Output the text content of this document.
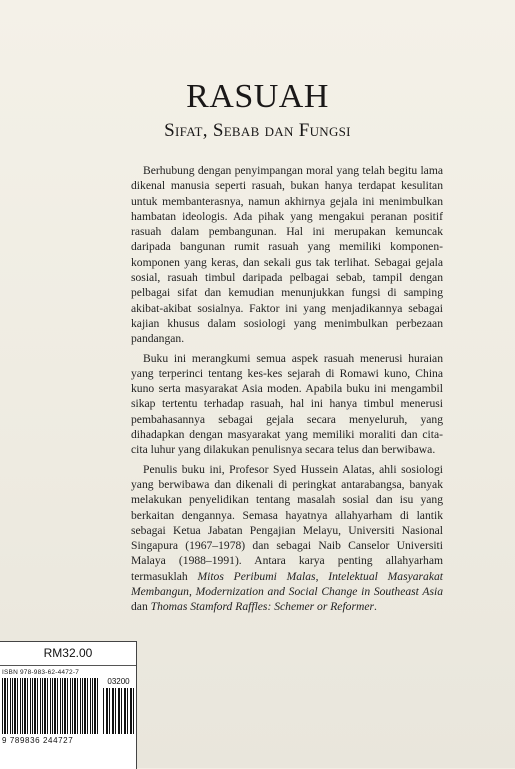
RASUAH
Sifat, Sebab dan Fungsi

Berhubung dengan penyimpangan moral yang telah begitu lama dikenal manusia seperti rasuah, bukan hanya terdapat kesulitan untuk membanterasnya, namun akhirnya gejala ini menimbulkan hambatan ideologis. Ada pihak yang mengakui peranan positif rasuah dalam pembangunan. Hal ini merupakan kemuncak daripada bangunan rumit rasuah yang memiliki komponen-komponen yang keras, dan sekali gus tak terlihat. Sebagai gejala sosial, rasuah timbul daripada pelbagai sebab, tampil dengan pelbagai sifat dan kemudian menunjukkan fungsi di samping akibat-akibat sosialnya. Faktor ini yang menjadikannya sebagai kajian khusus dalam sosiologi yang menimbulkan perbezaan pandangan.

Buku ini merangkumi semua aspek rasuah menerusi huraian yang terperinci tentang kes-kes sejarah di Romawi kuno, China kuno serta masyarakat Asia moden. Apabila buku ini mengambil sikap tertentu terhadap rasuah, hal ini hanya timbul menerusi pembahasannya sebagai gejala secara menyeluruh, yang dihadapkan dengan masyarakat yang memiliki moraliti dan cita-cita luhur yang dilakukan penulisnya secara telus dan berwibawa.

Penulis buku ini, Profesor Syed Hussein Alatas, ahli sosiologi yang berwibawa dan dikenali di peringkat antarabangsa, banyak melakukan penyelidikan tentang masalah sosial dan isu yang berkaitan dengannya. Semasa hayatnya allahyarham di lantik sebagai Ketua Jabatan Pengajian Melayu, Universiti Nasional Singapura (1967–1978) dan sebagai Naib Canselor Universiti Malaya (1988–1991). Antara karya penting allahyarham termasuklah Mitos Peribumi Malas, Intelektual Masyarakat Membangun, Modernization and Social Change in Southeast Asia dan Thomas Stamford Raffles: Schemer or Reformer.

RM32.00
ISBN 978-983-62-4472-7
03200
9 789836 244727
